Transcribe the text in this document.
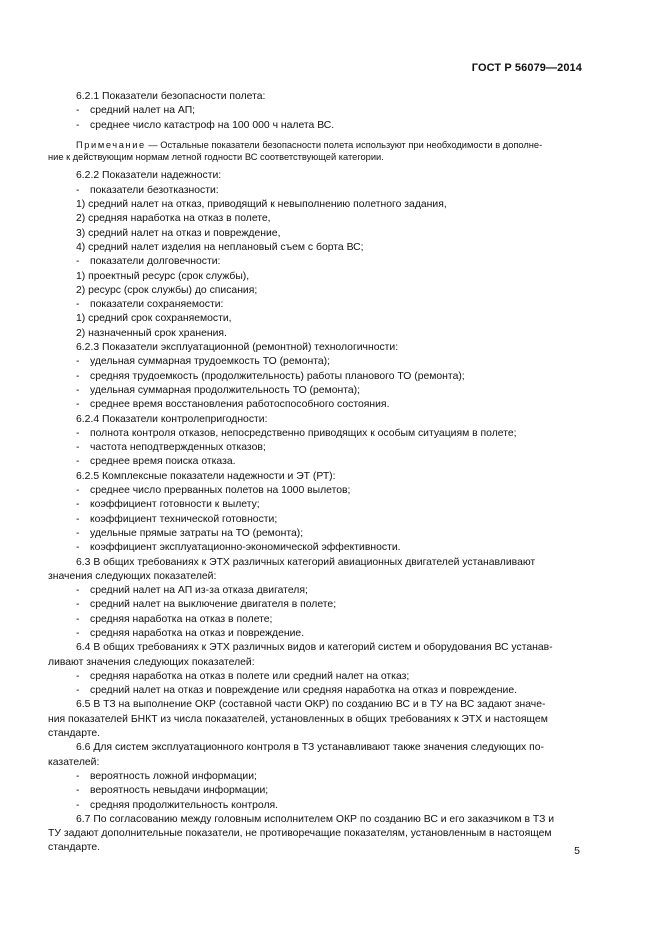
ГОСТ Р 56079—2014
6.2.1 Показатели безопасности полета:
- средний налет на АП;
- среднее число катастроф на 100 000 ч налета ВС.
Примечание — Остальные показатели безопасности полета используют при необходимости в дополне-
ние к действующим нормам летной годности ВС соответствующей категории.
6.2.2 Показатели надежности:
- показатели безотказности:
1) средний налет на отказ, приводящий к невыполнению полетного задания,
2) средняя наработка на отказ в полете,
3) средний налет на отказ и повреждение,
4) средний налет изделия на неплановый съем с борта ВС;
- показатели долговечности:
1) проектный ресурс (срок службы),
2) ресурс (срок службы) до списания;
- показатели сохраняемости:
1) средний срок сохраняемости,
2) назначенный срок хранения.
6.2.3 Показатели эксплуатационной (ремонтной) технологичности:
- удельная суммарная трудоемкость ТО (ремонта);
- средняя трудоемкость (продолжительность) работы планового ТО (ремонта);
- удельная суммарная продолжительность ТО (ремонта);
- среднее время восстановления работоспособного состояния.
6.2.4 Показатели контролепригодности:
- полнота контроля отказов, непосредственно приводящих к особым ситуациям в полете;
- частота неподтвержденных отказов;
- среднее время поиска отказа.
6.2.5 Комплексные показатели надежности и ЭТ (РТ):
- среднее число прерванных полетов на 1000 вылетов;
- коэффициент готовности к вылету;
- коэффициент технической готовности;
- удельные прямые затраты на ТО (ремонта);
- коэффициент эксплуатационно-экономической эффективности.
6.3 В общих требованиях к ЭТХ различных категорий авиационных двигателей устанавливают
значения следующих показателей:
- средний налет на АП из-за отказа двигателя;
- средний налет на выключение двигателя в полете;
- средняя наработка на отказ в полете;
- средняя наработка на отказ и повреждение.
6.4 В общих требованиях к ЭТХ различных видов и категорий систем и оборудования ВС устанав-
ливают значения следующих показателей:
- средняя наработка на отказ в полете или средний налет на отказ;
- средний налет на отказ и повреждение или средняя наработка на отказ и повреждение.
6.5 В ТЗ на выполнение ОКР (составной части ОКР) по созданию ВС и в ТУ на ВС задают значе-
ния показателей БНКТ из числа показателей, установленных в общих требованиях к ЭТХ и настоящем
стандарте.
6.6 Для систем эксплуатационного контроля в ТЗ устанавливают также значения следующих по-
казателей:
- вероятность ложной информации;
- вероятность невыдачи информации;
- средняя продолжительность контроля.
6.7 По согласованию между головным исполнителем ОКР по созданию ВС и его заказчиком в ТЗ и
ТУ задают дополнительные показатели, не противоречащие показателям, установленным в настоящем
стандарте.	5
